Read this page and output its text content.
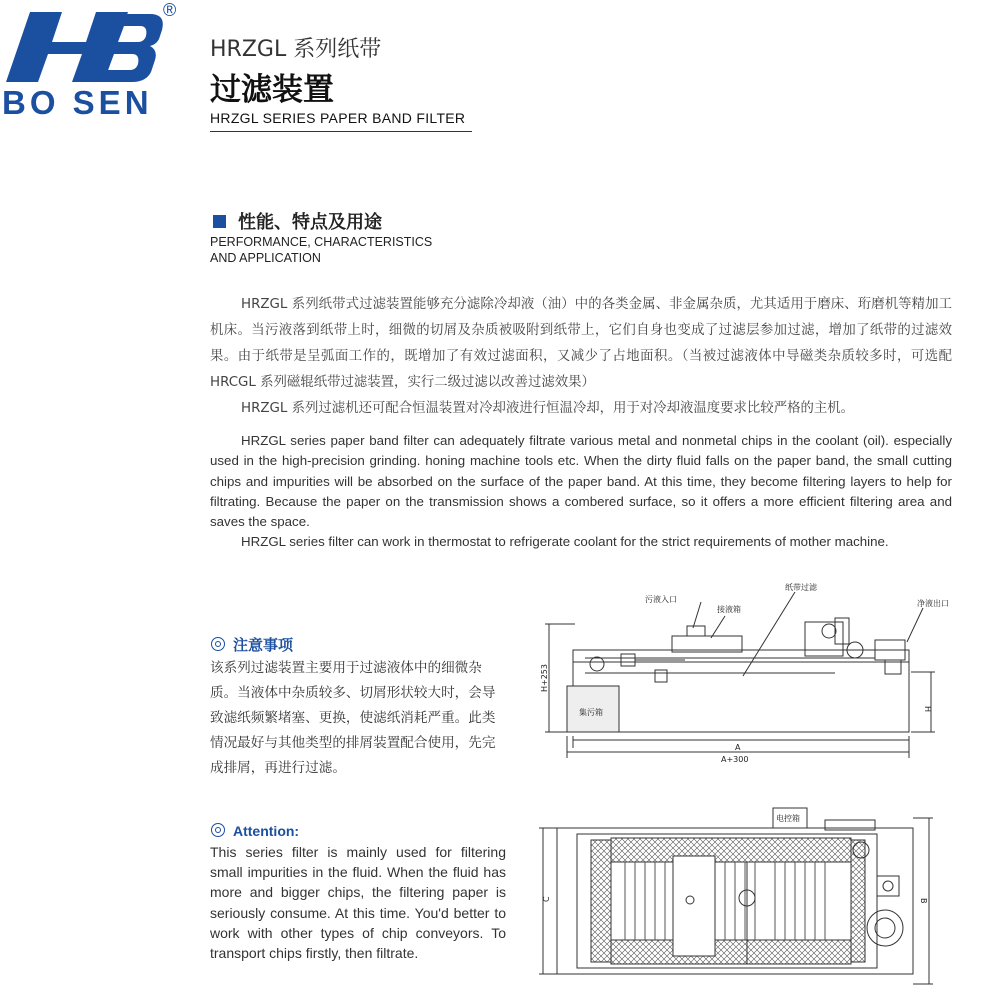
BO SEN
®
HRZGL 系列纸带
过滤装置
HRZGL SERIES PAPER BAND FILTER
性能、特点及用途
PERFORMANCE, CHARACTERISTICS
AND APPLICATION

HRZGL 系列纸带式过滤装置能够充分滤除冷却液（油）中的各类金属、非金属杂质，尤其适用于磨床、珩磨机等精加工机床。当污液落到纸带上时，细微的切屑及杂质被吸附到纸带上，它们自身也变成了过滤层参加过滤，增加了纸带的过滤效果。由于纸带是呈弧面工作的，既增加了有效过滤面积，又减少了占地面积。（当被过滤液体中导磁类杂质较多时，可选配 HRCGL 系列磁辊纸带过滤装置，实行二级过滤以改善过滤效果）

HRZGL 系列过滤机还可配合恒温装置对冷却液进行恒温冷却，用于对冷却液温度要求比较严格的主机。

HRZGL series paper band filter can adequately filtrate various metal and nonmetal chips in the coolant (oil). especially used in the high-precision grinding. honing machine tools etc. When the dirty fluid falls on the paper band, the small cutting chips and impurities will be absorbed on the surface of the paper band. At this time, they become filtering layers to help for filtrating. Because the paper on the transmission shows a combered surface, so it offers a more efficient filtering area and saves the space.

HRZGL series filter can work in thermostat to refrigerate coolant for the strict requirements of mother machine.

注意事项
该系列过滤装置主要用于过滤液体中的细微杂质。当液体中杂质较多、切屑形状较大时，会导致滤纸频繁堵塞、更换，使滤纸消耗严重。此类情况最好与其他类型的排屑装置配合使用，先完成排屑，再进行过滤。
Attention:
This series filter is mainly used for filtering small impurities in the fluid. When the fluid has more and bigger chips, the filtering paper is seriously consume. At this time. You'd better to work with other types of chip conveyors. To transport chips firstly, then filtrate.
污液入口
接液箱
纸带过滤
净液出口
集污箱
A
A+300
H+253
H
电控箱
C	B
